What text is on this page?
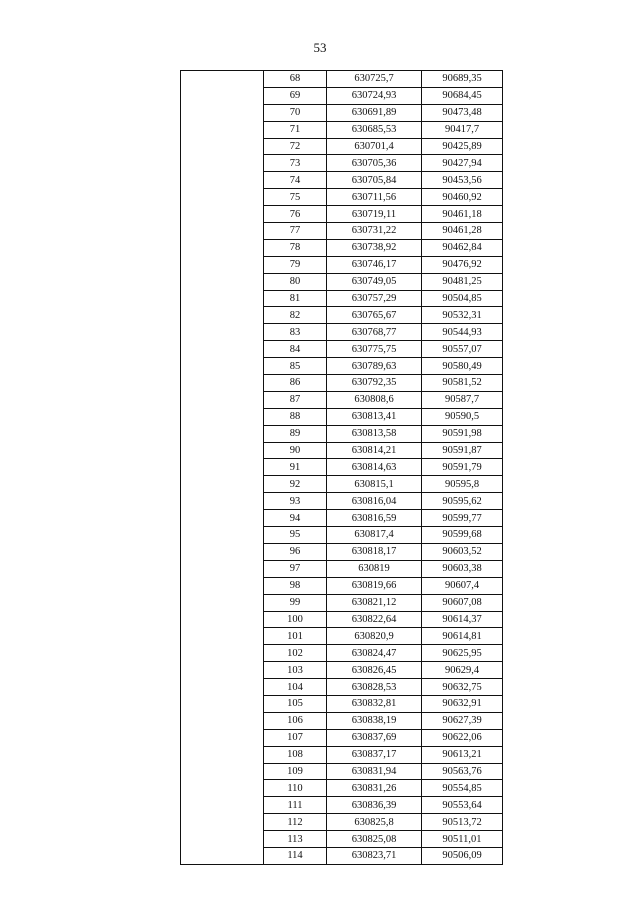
53
	68	630725,7	90689,35
	69	630724,93	90684,45
	70	630691,89	90473,48
	71	630685,53	90417,7
	72	630701,4	90425,89
	73	630705,36	90427,94
	74	630705,84	90453,56
	75	630711,56	90460,92
	76	630719,11	90461,18
	77	630731,22	90461,28
	78	630738,92	90462,84
	79	630746,17	90476,92
	80	630749,05	90481,25
	81	630757,29	90504,85
	82	630765,67	90532,31
	83	630768,77	90544,93
	84	630775,75	90557,07
	85	630789,63	90580,49
	86	630792,35	90581,52
	87	630808,6	90587,7
	88	630813,41	90590,5
	89	630813,58	90591,98
	90	630814,21	90591,87
	91	630814,63	90591,79
	92	630815,1	90595,8
	93	630816,04	90595,62
	94	630816,59	90599,77
	95	630817,4	90599,68
	96	630818,17	90603,52
	97	630819	90603,38
	98	630819,66	90607,4
	99	630821,12	90607,08
	100	630822,64	90614,37
	101	630820,9	90614,81
	102	630824,47	90625,95
	103	630826,45	90629,4
	104	630828,53	90632,75
	105	630832,81	90632,91
	106	630838,19	90627,39
	107	630837,69	90622,06
	108	630837,17	90613,21
	109	630831,94	90563,76
	110	630831,26	90554,85
	111	630836,39	90553,64
	112	630825,8	90513,72
	113	630825,08	90511,01
	114	630823,71	90506,09
